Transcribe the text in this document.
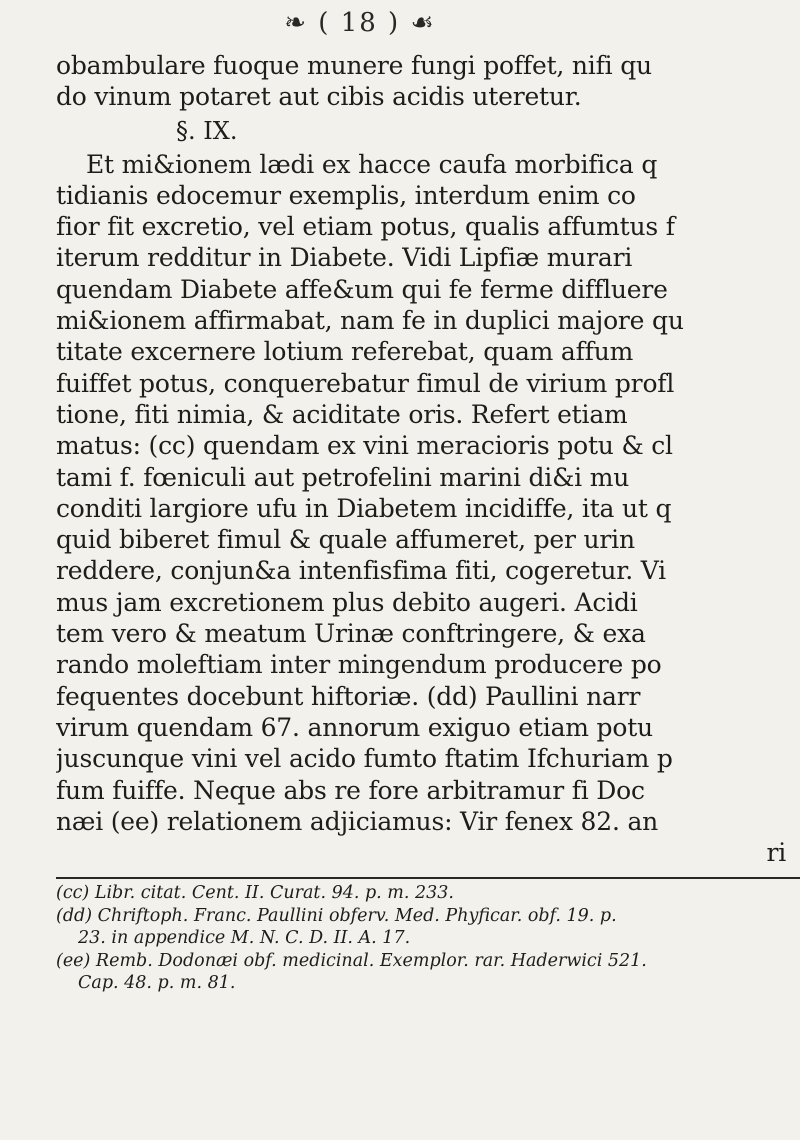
❧ ( 18 ) ☙
obambulare fuoque munere fungi poffet, nifi qu
do vinum potaret aut cibis acidis uteretur.
§. IX.
Et mi&ionem lædi ex hacce caufa morbifica q
tidianis edocemur exemplis, interdum enim co
fior fit excretio, vel etiam potus, qualis affumtus f
iterum redditur in Diabete. Vidi Lipfiæ murari
quendam Diabete affe&um qui fe ferme diffluere
mi&ionem affirmabat, nam fe in duplici majore qu
titate excernere lotium referebat, quam affum
fuiffet potus, conquerebatur fimul de virium profl
tione, fiti nimia, & aciditate oris. Refert etiam
matus: (cc) quendam ex vini meracioris potu & cl
tami f. fœniculi aut petrofelini marini di&i mu
conditi largiore ufu in Diabetem incidiffe, ita ut q
quid biberet fimul & quale affumeret, per urin
reddere, conjun&a intenfisfima fiti, cogeretur. Vi
mus jam excretionem plus debito augeri. Acidi
tem vero & meatum Urinæ conftringere, & exa
rando moleftiam inter mingendum producere po
fequentes docebunt hiftoriæ. (dd) Paullini narr
virum quendam 67. annorum exiguo etiam potu
juscunque vini vel acido fumto ftatim Ifchuriam p
fum fuiffe. Neque abs re fore arbitramur fi Doc
næi (ee) relationem adjiciamus: Vir fenex 82. an
ri
(cc) Libr. citat. Cent. II. Curat. 94. p. m. 233.
(dd) Chriftoph. Franc. Paullini obferv. Med. Phyficar. obf. 19. p.
23. in appendice M. N. C. D. II. A. 17.
(ee) Remb. Dodonæi obf. medicinal. Exemplor. rar. Haderwici 521.
Cap. 48. p. m. 81.
